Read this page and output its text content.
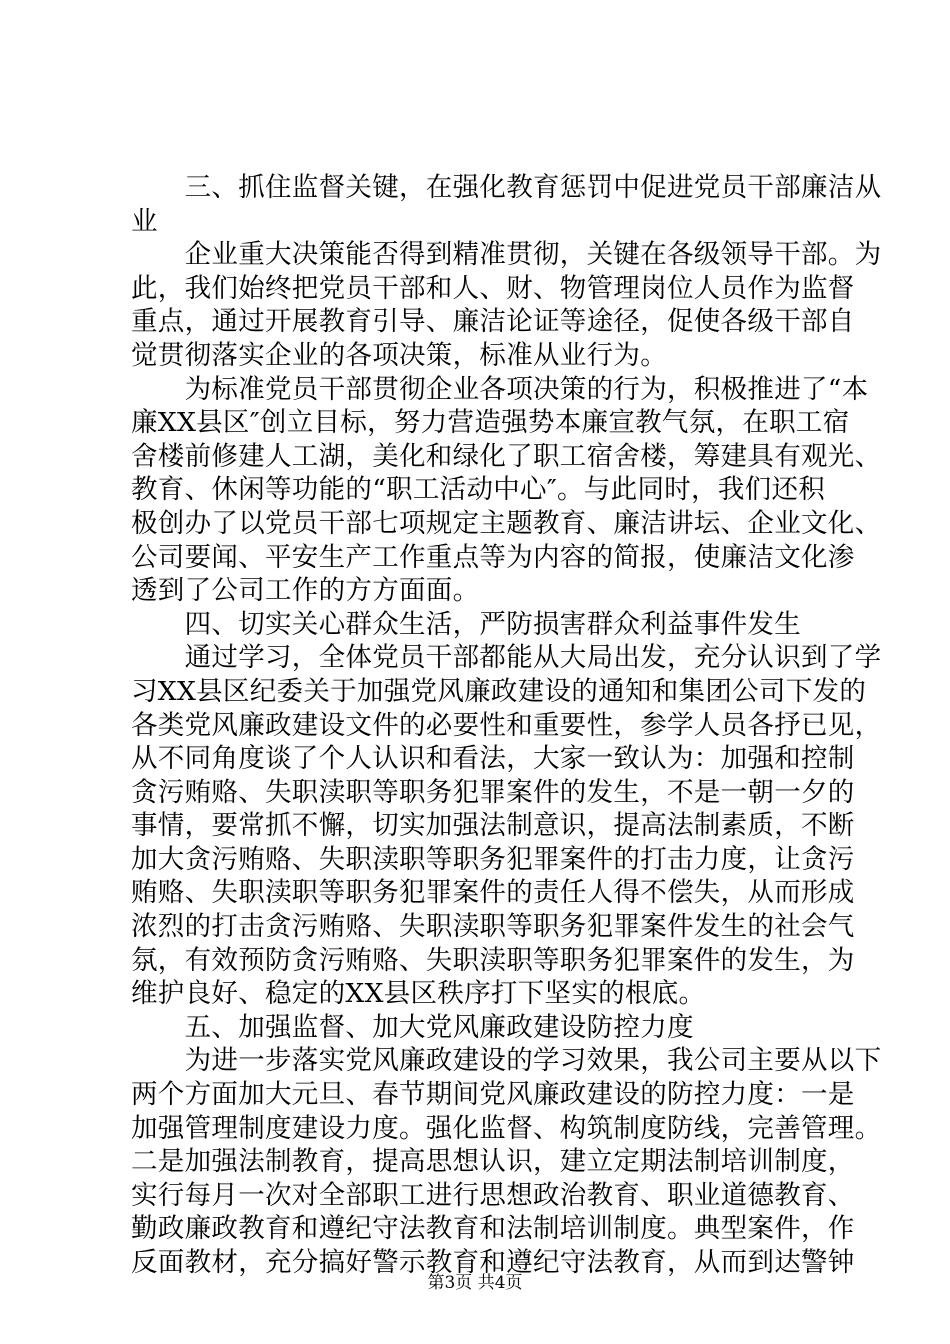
　　三、抓住监督关键，在强化教育惩罚中促进党员干部廉洁从
业
　　企业重大决策能否得到精准贯彻，关键在各级领导干部。为
此，我们始终把党员干部和人、财、物管理岗位人员作为监督
重点，通过开展教育引导、廉洁论证等途径，促使各级干部自
觉贯彻落实企业的各项决策，标准从业行为。
　　为标准党员干部贯彻企业各项决策的行为，积极推进了“本
廉XX县区″创立目标，努力营造强势本廉宣教气氛，在职工宿
舍楼前修建人工湖，美化和绿化了职工宿舍楼，筹建具有观光、
教育、休闲等功能的“职工活动中心″。与此同时，我们还积
极创办了以党员干部七项规定主题教育、廉洁讲坛、企业文化、
公司要闻、平安生产工作重点等为内容的简报，使廉洁文化渗
透到了公司工作的方方面面。
　　四、切实关心群众生活，严防损害群众利益事件发生
　　通过学习，全体党员干部都能从大局出发，充分认识到了学
习XX县区纪委关于加强党风廉政建设的通知和集团公司下发的
各类党风廉政建设文件的必要性和重要性，参学人员各抒已见，
从不同角度谈了个人认识和看法，大家一致认为：加强和控制
贪污贿赂、失职渎职等职务犯罪案件的发生，不是一朝一夕的
事情，要常抓不懈，切实加强法制意识，提高法制素质，不断
加大贪污贿赂、失职渎职等职务犯罪案件的打击力度，让贪污
贿赂、失职渎职等职务犯罪案件的责任人得不偿失，从而形成
浓烈的打击贪污贿赂、失职渎职等职务犯罪案件发生的社会气
氛，有效预防贪污贿赂、失职渎职等职务犯罪案件的发生，为
维护良好、稳定的XX县区秩序打下坚实的根底。
　　五、加强监督、加大党风廉政建设防控力度
　　为进一步落实党风廉政建设的学习效果，我公司主要从以下
两个方面加大元旦、春节期间党风廉政建设的防控力度：一是
加强管理制度建设力度。强化监督、构筑制度防线，完善管理。
二是加强法制教育，提高思想认识，建立定期法制培训制度，
实行每月一次对全部职工进行思想政治教育、职业道德教育、
勤政廉政教育和遵纪守法教育和法制培训制度。典型案件，作
反面教材，充分搞好警示教育和遵纪守法教育，从而到达警钟
第3页 共4页
